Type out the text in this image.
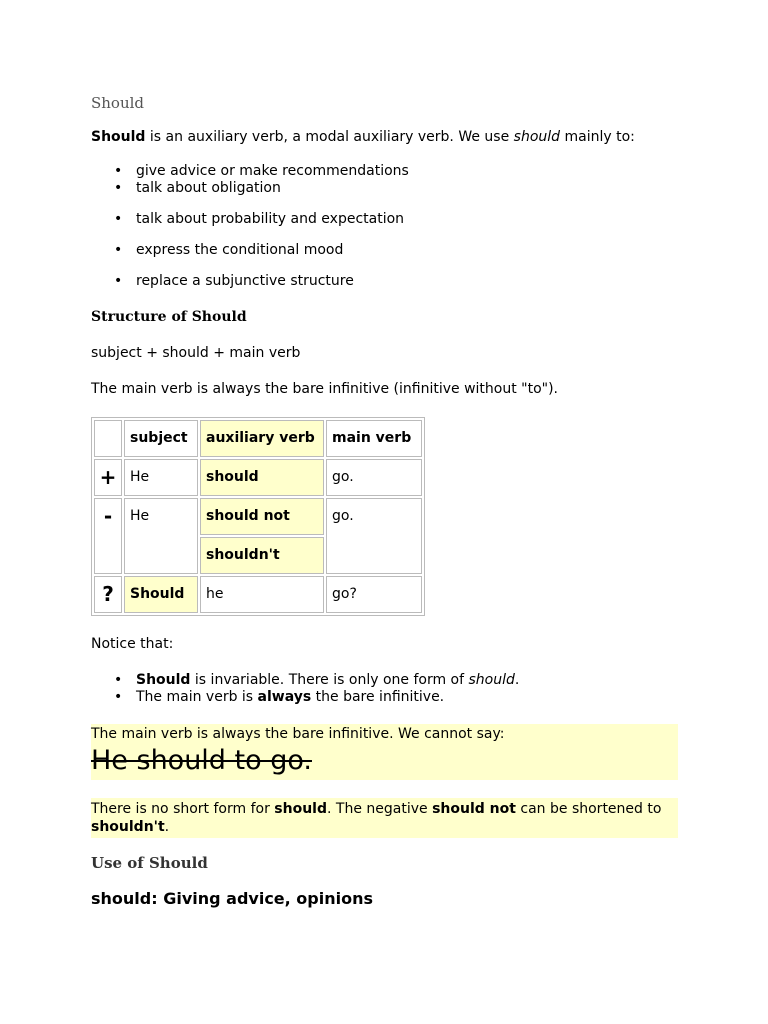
Should
Should is an auxiliary verb, a modal auxiliary verb. We use should mainly to:
• give advice or make recommendations
• talk about obligation
• talk about probability and expectation
• express the conditional mood
• replace a subjunctive structure
Structure of Should
subject + should + main verb
The main verb is always the bare infinitive (infinitive without "to").
	subject	auxiliary verb	main verb
+	He	should	go.
-	He	should not	go.
		shouldn't	
?	Should	he	go?
Notice that:
• Should is invariable. There is only one form of should.
• The main verb is always the bare infinitive.
The main verb is always the bare infinitive. We cannot say:
He should to go.
There is no short form for should. The negative should not can be shortened to shouldn't.
Use of Should
should: Giving advice, opinions
